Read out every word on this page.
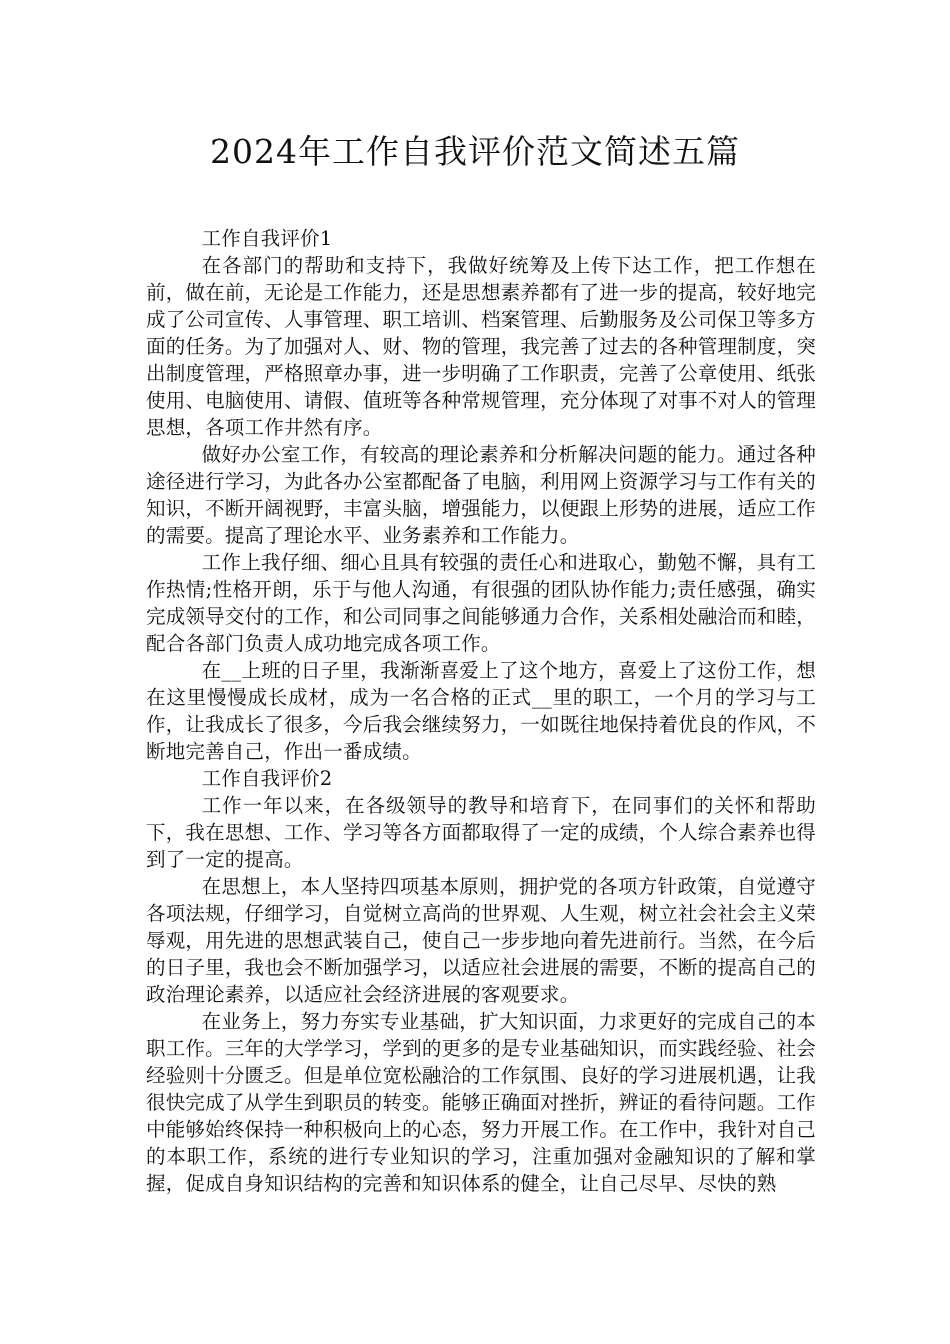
2024年工作自我评价范文简述五篇

工作自我评价1

在各部门的帮助和支持下，我做好统筹及上传下达工作，把工作想在前，做在前，无论是工作能力，还是思想素养都有了进一步的提高，较好地完成了公司宣传、人事管理、职工培训、档案管理、后勤服务及公司保卫等多方面的任务。为了加强对人、财、物的管理，我完善了过去的各种管理制度，突出制度管理，严格照章办事，进一步明确了工作职责，完善了公章使用、纸张使用、电脑使用、请假、值班等各种常规管理，充分体现了对事不对人的管理思想，各项工作井然有序。

做好办公室工作，有较高的理论素养和分析解决问题的能力。通过各种途径进行学习，为此各办公室都配备了电脑，利用网上资源学习与工作有关的知识，不断开阔视野，丰富头脑，增强能力，以便跟上形势的进展，适应工作的需要。提高了理论水平、业务素养和工作能力。

工作上我仔细、细心且具有较强的责任心和进取心，勤勉不懈，具有工作热情;性格开朗，乐于与他人沟通，有很强的团队协作能力;责任感强，确实完成领导交付的工作，和公司同事之间能够通力合作，关系相处融洽而和睦，配合各部门负责人成功地完成各项工作。

在__上班的日子里，我渐渐喜爱上了这个地方，喜爱上了这份工作，想在这里慢慢成长成材，成为一名合格的正式__里的职工，一个月的学习与工作，让我成长了很多，今后我会继续努力，一如既往地保持着优良的作风，不断地完善自己，作出一番成绩。

工作自我评价2

工作一年以来，在各级领导的教导和培育下，在同事们的关怀和帮助下，我在思想、工作、学习等各方面都取得了一定的成绩，个人综合素养也得到了一定的提高。

在思想上，本人坚持四项基本原则，拥护党的各项方针政策，自觉遵守各项法规，仔细学习，自觉树立高尚的世界观、人生观，树立社会社会主义荣辱观，用先进的思想武装自己，使自己一步步地向着先进前行。当然，在今后的日子里，我也会不断加强学习，以适应社会进展的需要，不断的提高自己的政治理论素养，以适应社会经济进展的客观要求。

在业务上，努力夯实专业基础，扩大知识面，力求更好的完成自己的本职工作。三年的大学学习，学到的更多的是专业基础知识，而实践经验、社会经验则十分匮乏。但是单位宽松融洽的工作氛围、良好的学习进展机遇，让我很快完成了从学生到职员的转变。能够正确面对挫折，辨证的看待问题。工作中能够始终保持一种积极向上的心态，努力开展工作。在工作中，我针对自己的本职工作，系统的进行专业知识的学习，注重加强对金融知识的了解和掌握，促成自身知识结构的完善和知识体系的健全，让自己尽早、尽快的熟
